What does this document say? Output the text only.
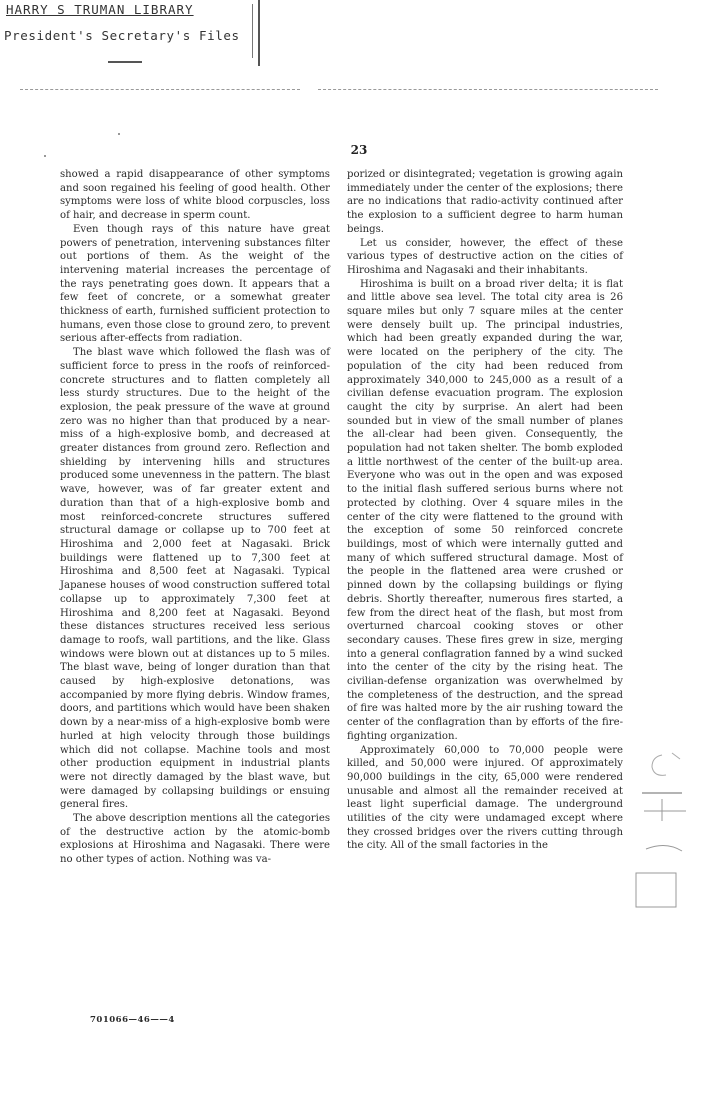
HARRY S TRUMAN LIBRARY
President's Secretary's Files
23

showed a rapid disappearance of other symptoms and soon regained his feeling of good health. Other symptoms were loss of white blood corpuscles, loss of hair, and decrease in sperm count.

Even though rays of this nature have great powers of penetration, intervening substances filter out portions of them. As the weight of the intervening material increases the percentage of the rays penetrating goes down. It appears that a few feet of concrete, or a somewhat greater thickness of earth, furnished sufficient protection to humans, even those close to ground zero, to prevent serious after-effects from radiation.

The blast wave which followed the flash was of sufficient force to press in the roofs of reinforced-concrete structures and to flatten completely all less sturdy structures. Due to the height of the explosion, the peak pressure of the wave at ground zero was no higher than that produced by a near-miss of a high-explosive bomb, and decreased at greater distances from ground zero. Reflection and shielding by intervening hills and structures produced some unevenness in the pattern. The blast wave, however, was of far greater extent and duration than that of a high-explosive bomb and most reinforced-concrete structures suffered structural damage or collapse up to 700 feet at Hiroshima and 2,000 feet at Nagasaki. Brick buildings were flattened up to 7,300 feet at Hiroshima and 8,500 feet at Nagasaki. Typical Japanese houses of wood construction suffered total collapse up to approximately 7,300 feet at Hiroshima and 8,200 feet at Nagasaki. Beyond these distances structures received less serious damage to roofs, wall partitions, and the like. Glass windows were blown out at distances up to 5 miles. The blast wave, being of longer duration than that caused by high-explosive detonations, was accompanied by more flying debris. Window frames, doors, and partitions which would have been shaken down by a near-miss of a high-explosive bomb were hurled at high velocity through those buildings which did not collapse. Machine tools and most other production equipment in industrial plants were not directly damaged by the blast wave, but were damaged by collapsing buildings or ensuing general fires.

The above description mentions all the categories of the destructive action by the atomic-bomb explosions at Hiroshima and Nagasaki. There were no other types of action. Nothing was va-

porized or disintegrated; vegetation is growing again immediately under the center of the explosions; there are no indications that radio-activity continued after the explosion to a sufficient degree to harm human beings.

Let us consider, however, the effect of these various types of destructive action on the cities of Hiroshima and Nagasaki and their inhabitants.

Hiroshima is built on a broad river delta; it is flat and little above sea level. The total city area is 26 square miles but only 7 square miles at the center were densely built up. The principal industries, which had been greatly expanded during the war, were located on the periphery of the city. The population of the city had been reduced from approximately 340,000 to 245,000 as a result of a civilian defense evacuation program. The explosion caught the city by surprise. An alert had been sounded but in view of the small number of planes the all-clear had been given. Consequently, the population had not taken shelter. The bomb exploded a little northwest of the center of the built-up area. Everyone who was out in the open and was exposed to the initial flash suffered serious burns where not protected by clothing. Over 4 square miles in the center of the city were flattened to the ground with the exception of some 50 reinforced concrete buildings, most of which were internally gutted and many of which suffered structural damage. Most of the people in the flattened area were crushed or pinned down by the collapsing buildings or flying debris. Shortly thereafter, numerous fires started, a few from the direct heat of the flash, but most from overturned charcoal cooking stoves or other secondary causes. These fires grew in size, merging into a general conflagration fanned by a wind sucked into the center of the city by the rising heat. The civilian-defense organization was overwhelmed by the completeness of the destruction, and the spread of fire was halted more by the air rushing toward the center of the conflagration than by efforts of the fire-fighting organization.

Approximately 60,000 to 70,000 people were killed, and 50,000 were injured. Of approximately 90,000 buildings in the city, 65,000 were rendered unusable and almost all the remainder received at least light superficial damage. The underground utilities of the city were undamaged except where they crossed bridges over the rivers cutting through the city. All of the small factories in the

701066—46——4
